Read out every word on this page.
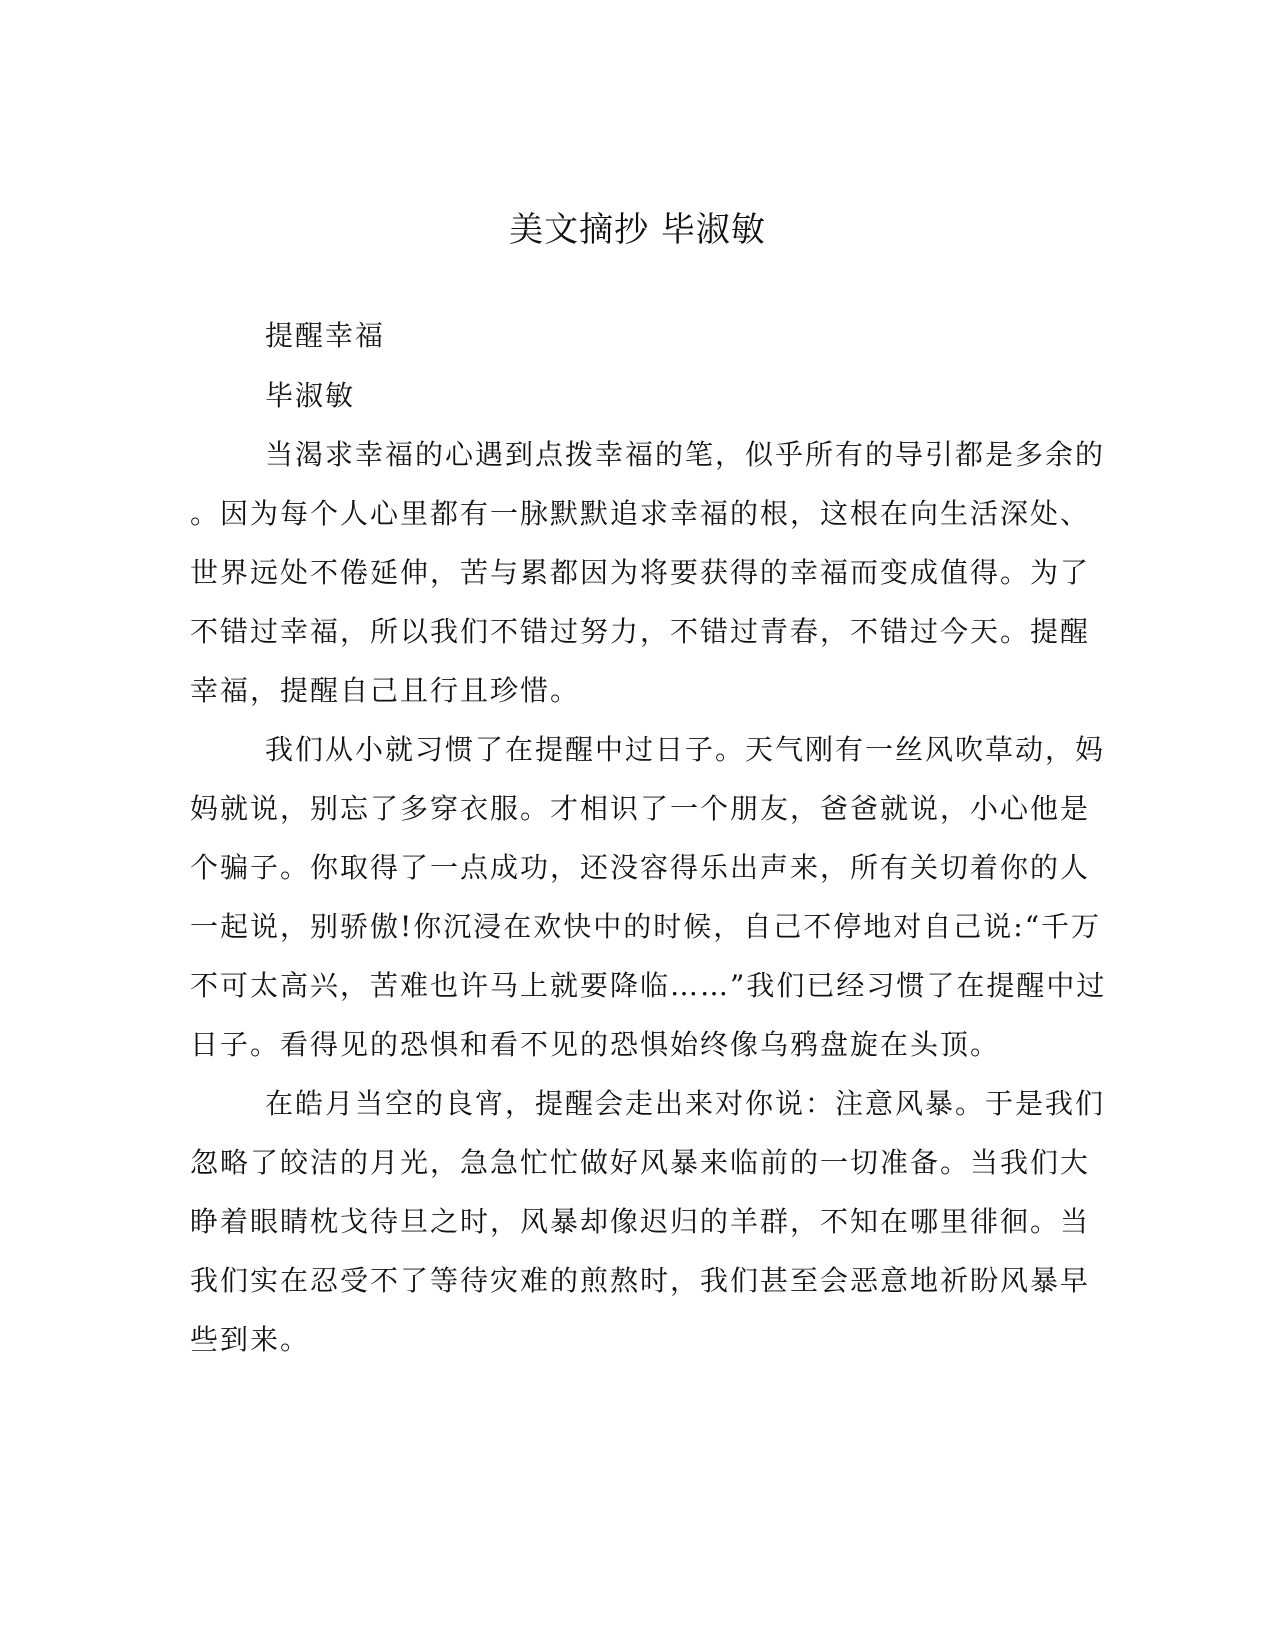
美文摘抄 毕淑敏
提醒幸福
毕淑敏
当渴求幸福的心遇到点拨幸福的笔，似乎所有的导引都是多余的
。因为每个人心里都有一脉默默追求幸福的根，这根在向生活深处、
世界远处不倦延伸，苦与累都因为将要获得的幸福而变成值得。为了
不错过幸福，所以我们不错过努力，不错过青春，不错过今天。提醒
幸福，提醒自己且行且珍惜。
我们从小就习惯了在提醒中过日子。天气刚有一丝风吹草动，妈
妈就说，别忘了多穿衣服。才相识了一个朋友，爸爸就说，小心他是
个骗子。你取得了一点成功，还没容得乐出声来，所有关切着你的人
一起说，别骄傲!你沉浸在欢快中的时候，自己不停地对自己说:“千万
不可太高兴，苦难也许马上就要降临……”我们已经习惯了在提醒中过
日子。看得见的恐惧和看不见的恐惧始终像乌鸦盘旋在头顶。
在皓月当空的良宵，提醒会走出来对你说：注意风暴。于是我们
忽略了皎洁的月光，急急忙忙做好风暴来临前的一切准备。当我们大
睁着眼睛枕戈待旦之时，风暴却像迟归的羊群，不知在哪里徘徊。当
我们实在忍受不了等待灾难的煎熬时，我们甚至会恶意地祈盼风暴早
些到来。
